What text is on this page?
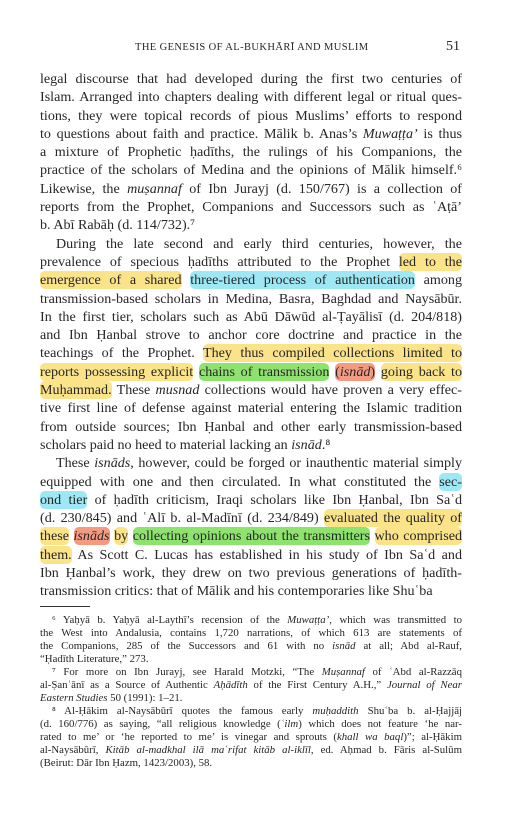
THE GENESIS OF AL-BUKHĀRĪ AND MUSLIM	51
legal discourse that had developed during the first two centuries of
Islam. Arranged into chapters dealing with different legal or ritual ques-
tions, they were topical records of pious Muslims’ efforts to respond
to questions about faith and practice. Mālik b. Anas’s Muwaṭṭa’ is thus
a mixture of Prophetic ḥadīths, the rulings of his Companions, the
practice of the scholars of Medina and the opinions of Mālik himself.⁶
Likewise, the muṣannaf of Ibn Jurayj (d. 150/767) is a collection of
reports from the Prophet, Companions and Successors such as ʿAṭā’
b. Abī Rabāḥ (d. 114/732).⁷
During the late second and early third centuries, however, the
prevalence of specious ḥadīths attributed to the Prophet led to the
emergence of a shared three-tiered process of authentication among
transmission-based scholars in Medina, Basra, Baghdad and Naysābūr.
In the first tier, scholars such as Abū Dāwūd al-Ṭayālisī (d. 204/818)
and Ibn Ḥanbal strove to anchor core doctrine and practice in the
teachings of the Prophet. They thus compiled collections limited to
reports possessing explicit chains of transmission (isnād) going back to
Muḥammad. These musnad collections would have proven a very effec-
tive first line of defense against material entering the Islamic tradition
from outside sources; Ibn Ḥanbal and other early transmission-based
scholars paid no heed to material lacking an isnād.⁸
These isnāds, however, could be forged or inauthentic material simply
equipped with one and then circulated. In what constituted the sec-
ond tier of ḥadīth criticism, Iraqi scholars like Ibn Ḥanbal, Ibn Saʿd
(d. 230/845) and ʿAlī b. al-Madīnī (d. 234/849) evaluated the quality of
these isnāds by collecting opinions about the transmitters who comprised
them. As Scott C. Lucas has established in his study of Ibn Saʿd and
Ibn Ḥanbal’s work, they drew on two previous generations of ḥadīth-
transmission critics: that of Mālik and his contemporaries like Shuʿba
⁶ Yaḥyā b. Yaḥyā al-Laythī’s recension of the Muwaṭṭa’, which was transmitted to
the West into Andalusia, contains 1,720 narrations, of which 613 are statements of
the Companions, 285 of the Successors and 61 with no isnād at all; Abd al-Rauf,
“Ḥadīth Literature,” 273.
⁷ For more on Ibn Jurayj, see Harald Motzki, “The Muṣannaf of ʿAbd al-Razzāq
al-Ṣanʿānī as a Source of Authentic Aḥādīth of the First Century A.H.,” Journal of Near
Eastern Studies 50 (1991): 1–21.
⁸ Al-Ḥākim al-Naysābūrī quotes the famous early muḥaddith Shuʿba b. al-Ḥajjāj
(d. 160/776) as saying, “all religious knowledge (ʿilm) which does not feature ‘he nar-
rated to me’ or ‘he reported to me’ is vinegar and sprouts (khall wa baql)”; al-Ḥākim
al-Naysābūrī, Kitāb al-madkhal ilā maʿrifat kitāb al-iklīl, ed. Aḥmad b. Fāris al-Sulūm
(Beirut: Dār Ibn Ḥazm, 1423/2003), 58.
